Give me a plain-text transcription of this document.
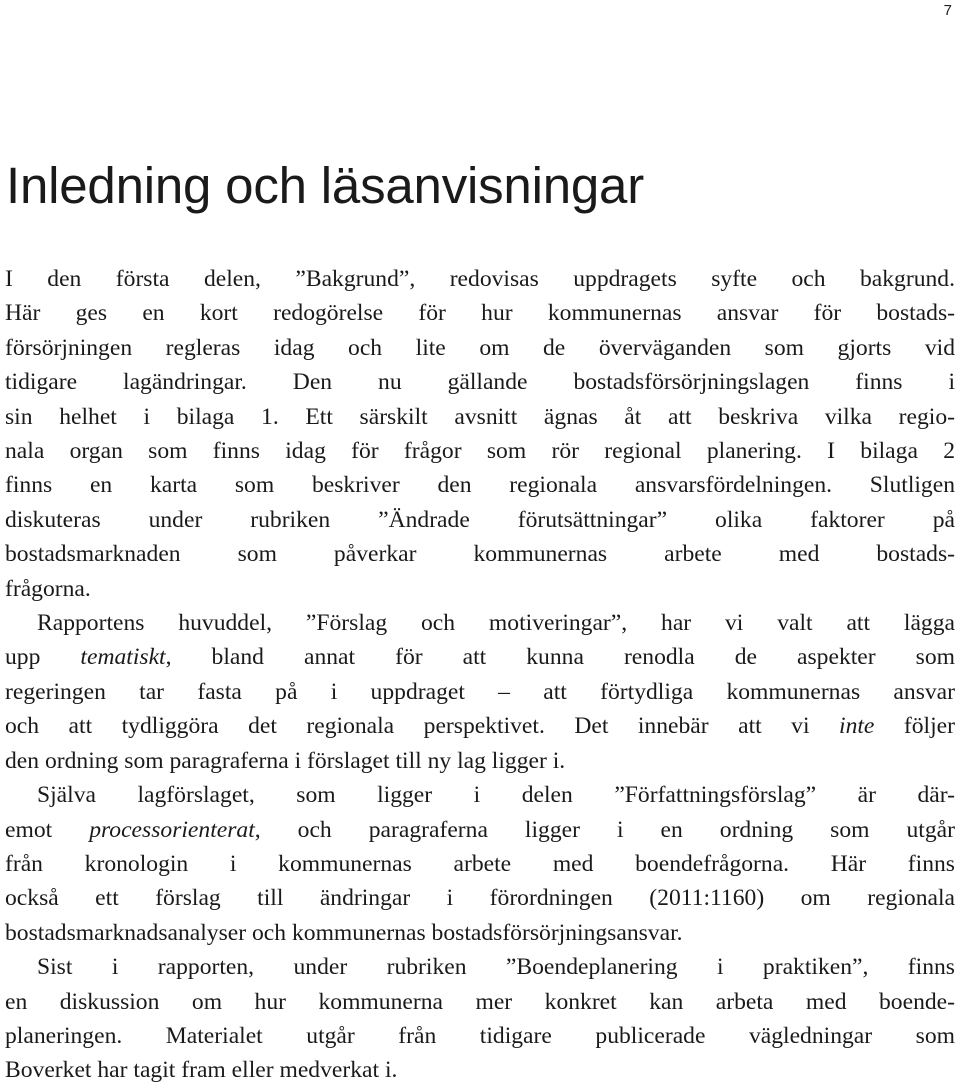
7
Inledning och läsanvisningar
I den första delen, ”Bakgrund”, redovisas uppdragets syfte och bakgrund.
Här ges en kort redogörelse för hur kommunernas ansvar för bostads-
försörjningen regleras idag och lite om de överväganden som gjorts vid
tidigare lagändringar. Den nu gällande bostadsförsörjningslagen finns i
sin helhet i bilaga 1. Ett särskilt avsnitt ägnas åt att beskriva vilka regio-
nala organ som finns idag för frågor som rör regional planering. I bilaga 2
finns en karta som beskriver den regionala ansvarsfördelningen. Slutligen
diskuteras under rubriken ”Ändrade förutsättningar” olika faktorer på
bostadsmarknaden som påverkar kommunernas arbete med bostads-
frågorna.
Rapportens huvuddel, ”Förslag och motiveringar”, har vi valt att lägga
upp tematiskt, bland annat för att kunna renodla de aspekter som
regeringen tar fasta på i uppdraget – att förtydliga kommunernas ansvar
och att tydliggöra det regionala perspektivet. Det innebär att vi inte följer
den ordning som paragraferna i förslaget till ny lag ligger i.
Själva lagförslaget, som ligger i delen ”Författningsförslag” är där-
emot processorienterat, och paragraferna ligger i en ordning som utgår
från kronologin i kommunernas arbete med boendefrågorna. Här finns
också ett förslag till ändringar i förordningen (2011:1160) om regionala
bostadsmarknadsanalyser och kommunernas bostadsförsörjningsansvar.
Sist i rapporten, under rubriken ”Boendeplanering i praktiken”, finns
en diskussion om hur kommunerna mer konkret kan arbeta med boende-
planeringen. Materialet utgår från tidigare publicerade vägledningar som
Boverket har tagit fram eller medverkat i.
